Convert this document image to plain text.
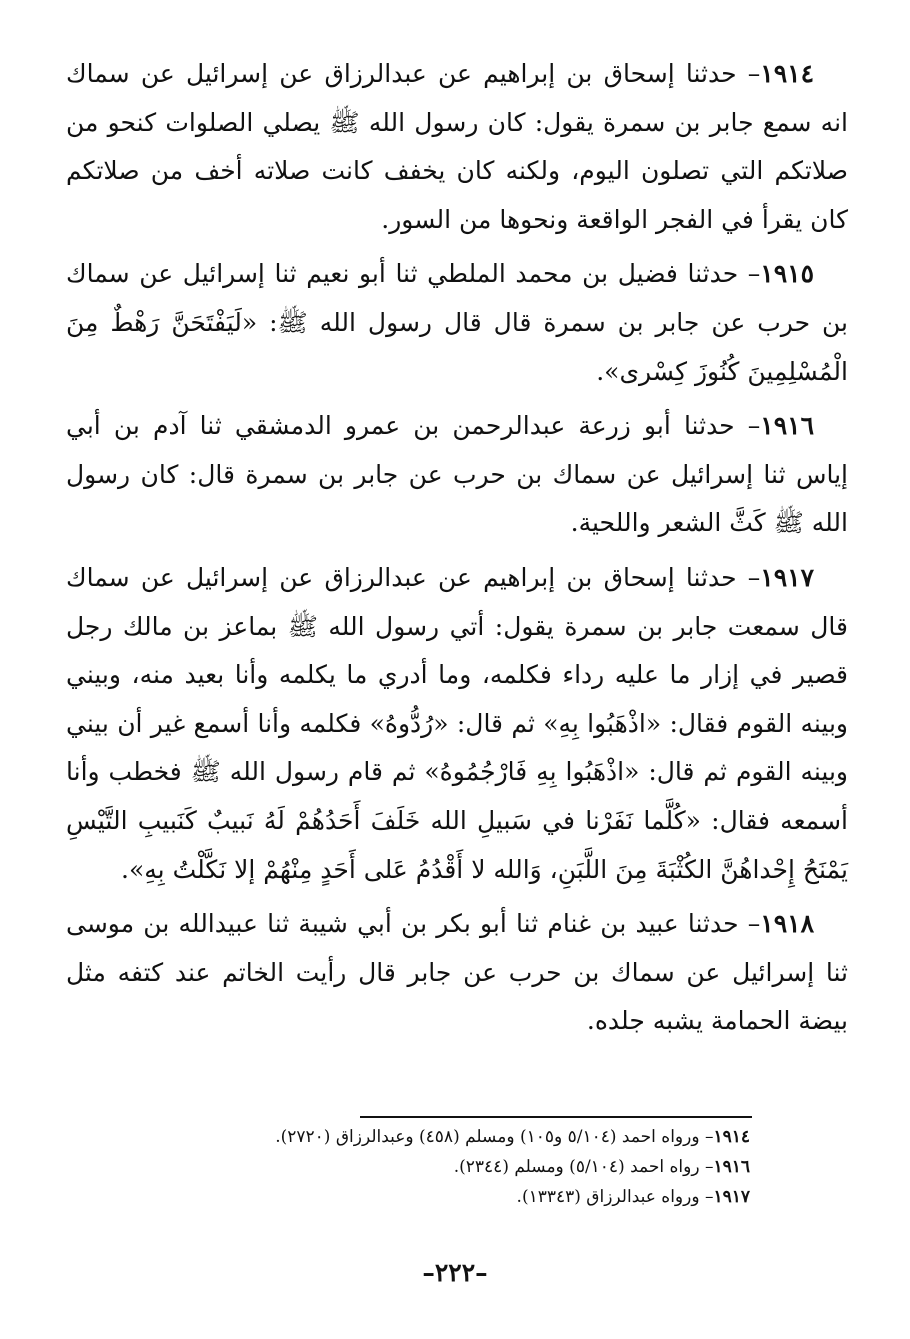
١٩١٤– حدثنا إسحاق بن إبراهيم عن عبدالرزاق عن إسرائيل عن سماك انه سمع جابر بن سمرة يقول: كان رسول الله ﷺ يصلي الصلوات كنحو من صلاتكم التي تصلون اليوم، ولكنه كان يخفف كانت صلاته أخف من صلاتكم كان يقرأ في الفجر الواقعة ونحوها من السور.

١٩١٥– حدثنا فضيل بن محمد الملطي ثنا أبو نعيم ثنا إسرائيل عن سماك بن حرب عن جابر بن سمرة قال قال رسول الله ﷺ: «لَيَفْتَحَنَّ رَهْطٌ مِنَ الْمُسْلِمِينَ كُنُوزَ كِسْرى».

١٩١٦– حدثنا أبو زرعة عبدالرحمن بن عمرو الدمشقي ثنا آدم بن أبي إياس ثنا إسرائيل عن سماك بن حرب عن جابر بن سمرة قال: كان رسول الله ﷺ كَثَّ الشعر واللحية.

١٩١٧– حدثنا إسحاق بن إبراهيم عن عبدالرزاق عن إسرائيل عن سماك قال سمعت جابر بن سمرة يقول: أتي رسول الله ﷺ بماعز بن مالك رجل قصير في إزار ما عليه رداء فكلمه، وما أدري ما يكلمه وأنا بعيد منه، وبيني وبينه القوم فقال: «اذْهَبُوا بِهِ» ثم قال: «رُدُّوهُ» فكلمه وأنا أسمع غير أن بيني وبينه القوم ثم قال: «اذْهَبُوا بِهِ فَارْجُمُوهُ» ثم قام رسول الله ﷺ فخطب وأنا أسمعه فقال: «كُلَّما نَفَرْنا في سَبيلِ الله خَلَفَ أَحَدُهُمْ لَهُ نَبيبٌ كَنَبيبِ التَّيْسِ يَمْنَحُ إِحْداهُنَّ الكُثْبَةَ مِنَ اللَّبَنِ، وَالله لا أَقْدُمُ عَلى أَحَدٍ مِنْهُمْ إلا نَكَّلْتُ بِهِ».

١٩١٨– حدثنا عبيد بن غنام ثنا أبو بكر بن أبي شيبة ثنا عبيدالله بن موسى ثنا إسرائيل عن سماك بن حرب عن جابر قال رأيت الخاتم عند كتفه مثل بيضة الحمامة يشبه جلده.

١٩١٤– ورواه احمد (٥/١٠٤ و١٠٥) ومسلم (٤٥٨) وعبدالرزاق (٢٧٢٠).

١٩١٦– رواه احمد (٥/١٠٤) ومسلم (٢٣٤٤).

١٩١٧– ورواه عبدالرزاق (١٣٣٤٣).

–٢٢٢–
